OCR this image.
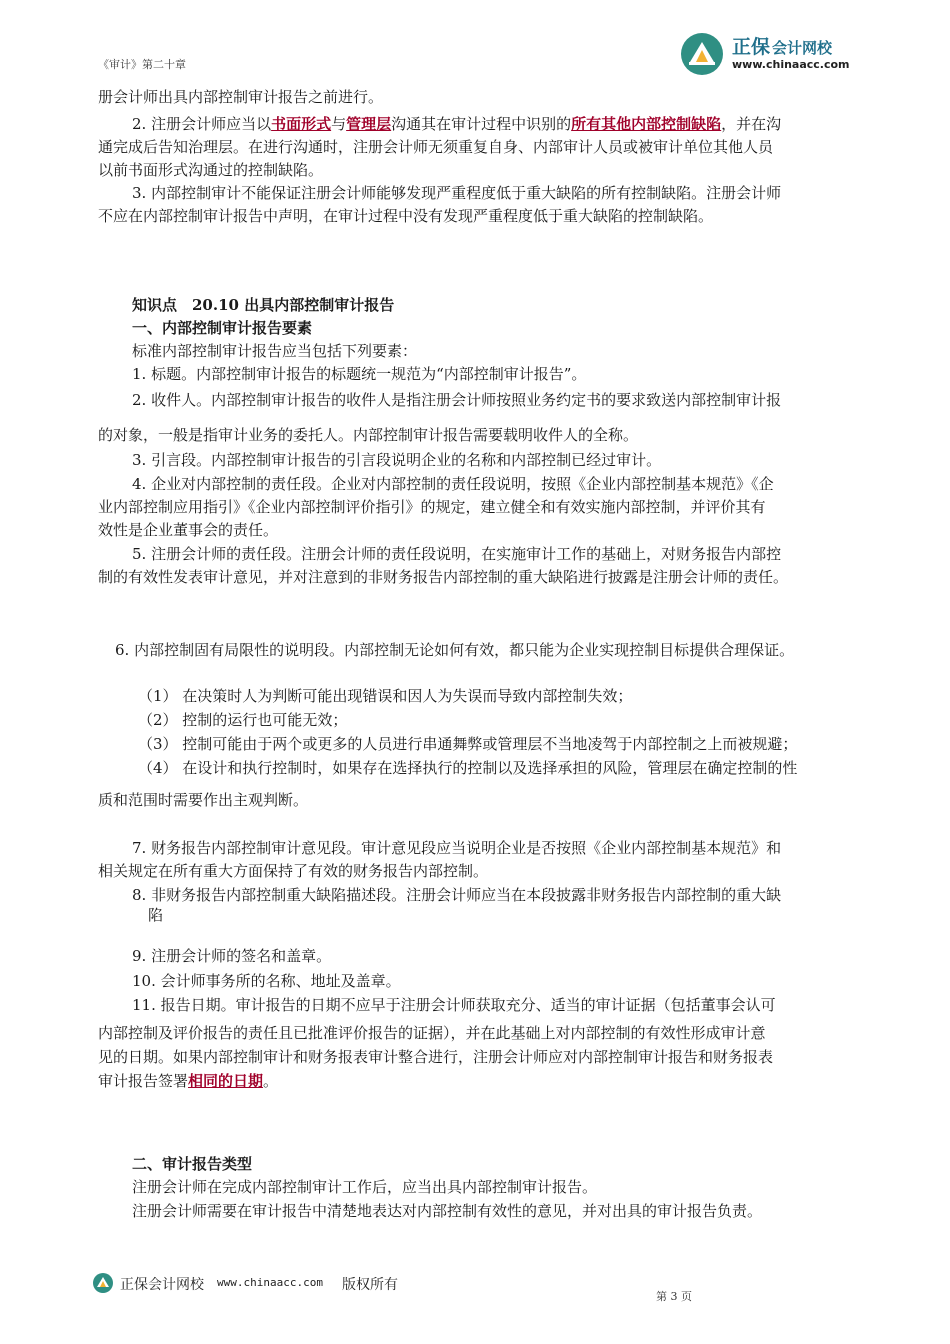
《审计》第二十章
正保 会计网校
www.chinaacc.com
册会计师出具内部控制审计报告之前进行。
2. 注册会计师应当以书面形式与管理层沟通其在审计过程中识别的所有其他内部控制缺陷，并在沟
通完成后告知治理层。在进行沟通时，注册会计师无须重复自身、内部审计人员或被审计单位其他人员
以前书面形式沟通过的控制缺陷。
3. 内部控制审计不能保证注册会计师能够发现严重程度低于重大缺陷的所有控制缺陷。注册会计师
不应在内部控制审计报告中声明，在审计过程中没有发现严重程度低于重大缺陷的控制缺陷。
知识点　20.10 出具内部控制审计报告
一、内部控制审计报告要素
标准内部控制审计报告应当包括下列要素：
1. 标题。内部控制审计报告的标题统一规范为“内部控制审计报告”。
2. 收件人。内部控制审计报告的收件人是指注册会计师按照业务约定书的要求致送内部控制审计报
的对象，一般是指审计业务的委托人。内部控制审计报告需要载明收件人的全称。
3. 引言段。内部控制审计报告的引言段说明企业的名称和内部控制已经过审计。
4. 企业对内部控制的责任段。企业对内部控制的责任段说明，按照《企业内部控制基本规范》《企
业内部控制应用指引》《企业内部控制评价指引》的规定，建立健全和有效实施内部控制，并评价其有
效性是企业董事会的责任。
5. 注册会计师的责任段。注册会计师的责任段说明，在实施审计工作的基础上，对财务报告内部控
制的有效性发表审计意见，并对注意到的非财务报告内部控制的重大缺陷进行披露是注册会计师的责任。
6. 内部控制固有局限性的说明段。内部控制无论如何有效，都只能为企业实现控制目标提供合理保证。
（1） 在决策时人为判断可能出现错误和因人为失误而导致内部控制失效；
（2） 控制的运行也可能无效；
（3） 控制可能由于两个或更多的人员进行串通舞弊或管理层不当地凌驾于内部控制之上而被规避；
（4） 在设计和执行控制时，如果存在选择执行的控制以及选择承担的风险，管理层在确定控制的性
质和范围时需要作出主观判断。
7. 财务报告内部控制审计意见段。审计意见段应当说明企业是否按照《企业内部控制基本规范》和
相关规定在所有重大方面保持了有效的财务报告内部控制。
8. 非财务报告内部控制重大缺陷描述段。注册会计师应当在本段披露非财务报告内部控制的重大缺
陷
9. 注册会计师的签名和盖章。
10. 会计师事务所的名称、地址及盖章。
11. 报告日期。审计报告的日期不应早于注册会计师获取充分、适当的审计证据（包括董事会认可
内部控制及评价报告的责任且已批准评价报告的证据），并在此基础上对内部控制的有效性形成审计意
见的日期。如果内部控制审计和财务报表审计整合进行，注册会计师应对内部控制审计报告和财务报表
审计报告签署相同的日期。
二、审计报告类型
注册会计师在完成内部控制审计工作后，应当出具内部控制审计报告。
注册会计师需要在审计报告中清楚地表达对内部控制有效性的意见，并对出具的审计报告负责。
正保会计网校 www.chinaacc.com 版权所有
第 3 页
